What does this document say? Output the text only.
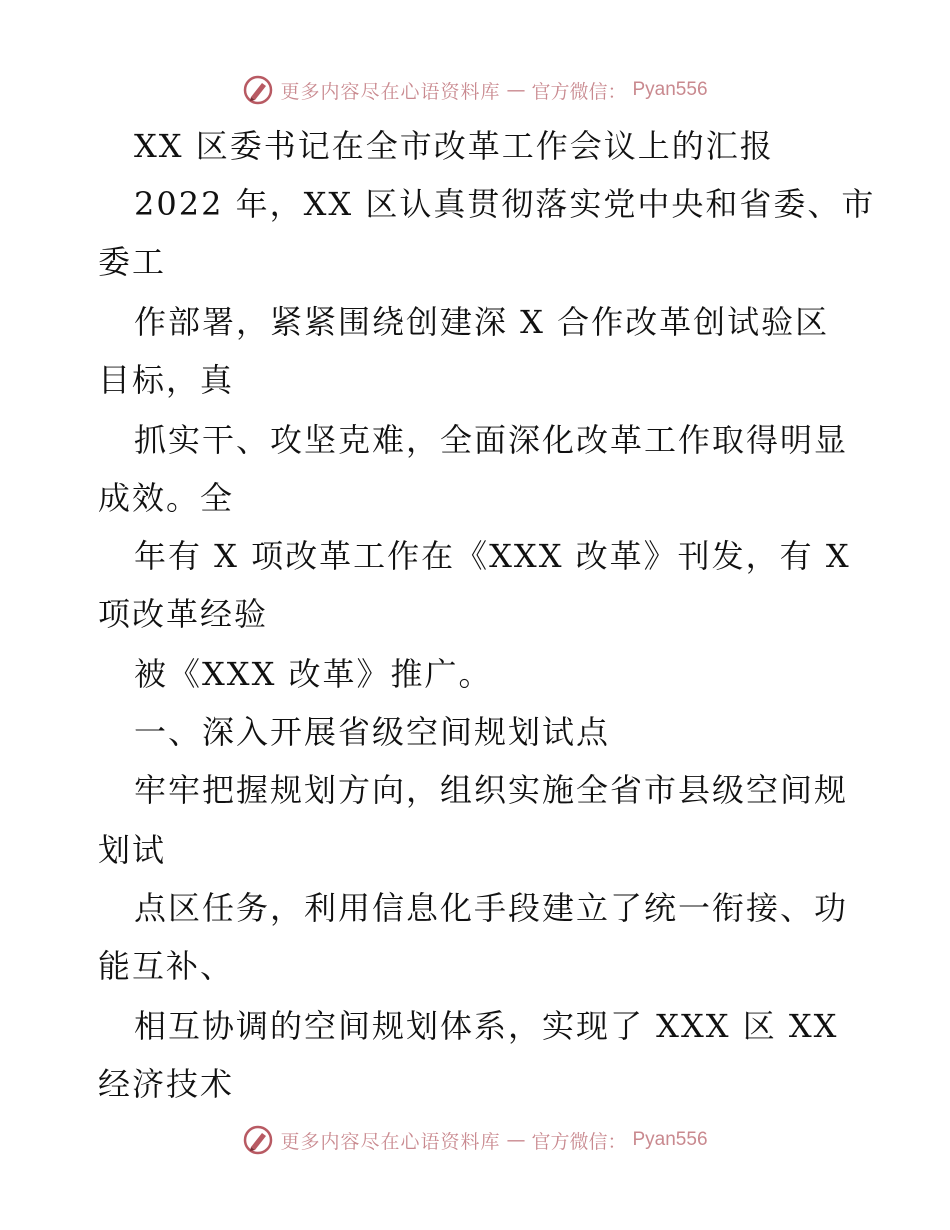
更多内容尽在心语资料库 — 官方微信： Pyan556
XX 区委书记在全市改革工作会议上的汇报
2022 年，XX 区认真贯彻落实党中央和省委、市
委工
作部署，紧紧围绕创建深 X 合作改革创试验区
目标，真
抓实干、攻坚克难，全面深化改革工作取得明显
成效。全
年有 X 项改革工作在《XXX 改革》刊发，有 X
项改革经验
被《XXX 改革》推广。
一、深入开展省级空间规划试点
牢牢把握规划方向，组织实施全省市县级空间规
划试
点区任务，利用信息化手段建立了统一衔接、功
能互补、
相互协调的空间规划体系，实现了 XXX 区 XX
经济技术
更多内容尽在心语资料库 — 官方微信： Pyan556
